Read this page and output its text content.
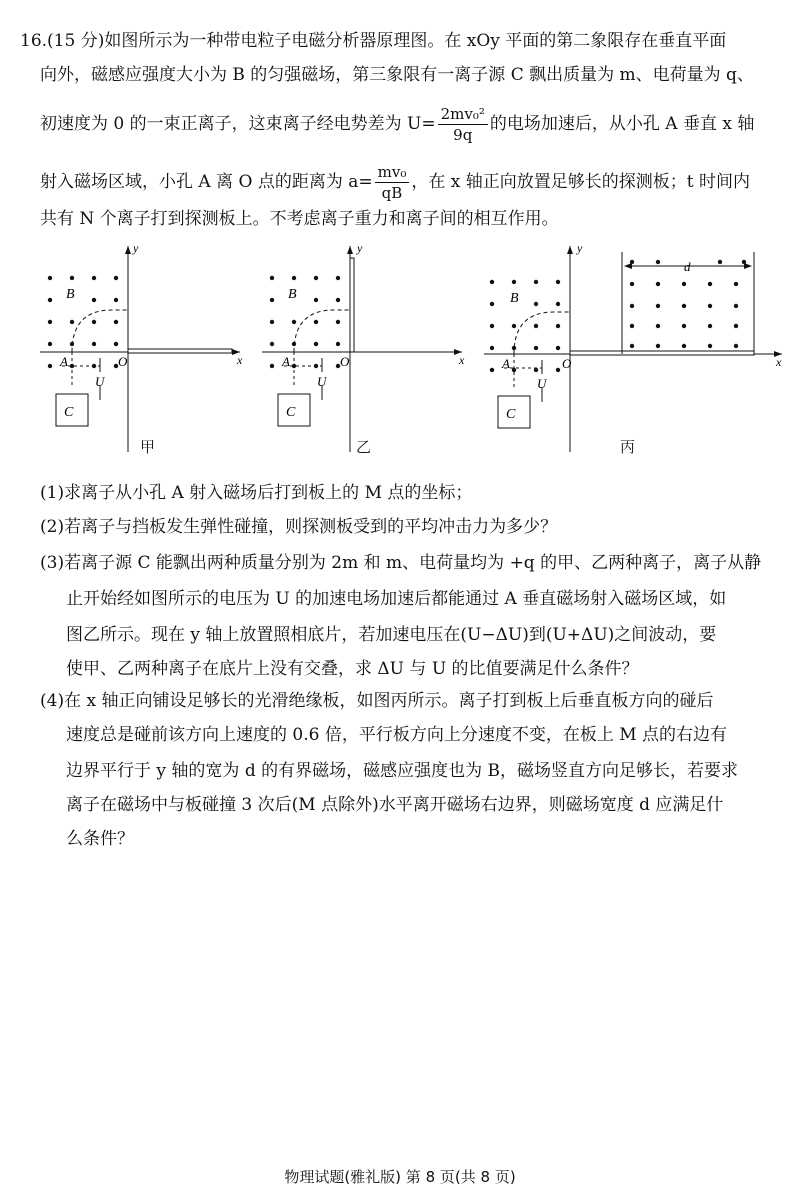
16.(15 分)如图所示为一种带电粒子电磁分析器原理图。在 xOy 平面的第二象限存在垂直平面
向外，磁感应强度大小为 B 的匀强磁场，第三象限有一离子源 C 飘出质量为 m、电荷量为 q、
初速度为 0 的一束正离子，这束离子经电势差为 $U= \frac{\text{2mv₀²}}{9q}$ 的电场加速后，从小孔 A 垂直 x 轴
射入磁场区域，小孔 A 离 O 点的距离为 $a= \frac{\text{mv₀}}{qB}$ ，在 x 轴正向放置足够长的探测板；t 时间内
共有 N 个离子打到探测板上。不考虑离子重力和离子间的相互作用。
C
B
A	O
U
x
y
C
B
A	O
U
x
y
d
C
B
A	O
U
x
y
甲	乙	丙
(1)求离子从小孔 A 射入磁场后打到板上的 M 点的坐标；
(2)若离子与挡板发生弹性碰撞，则探测板受到的平均冲击力为多少？
(3)若离子源 C 能飘出两种质量分别为 2m 和 m、电荷量均为 +q 的甲、乙两种离子，离子从静
止开始经如图所示的电压为 U 的加速电场加速后都能通过 A 垂直磁场射入磁场区域，如
图乙所示。现在 y 轴上放置照相底片，若加速电压在(U−ΔU)到(U+ΔU)之间波动，要
使甲、乙两种离子在底片上没有交叠，求 ΔU 与 U 的比值要满足什么条件？
(4)在 x 轴正向铺设足够长的光滑绝缘板，如图丙所示。离子打到板上后垂直板方向的碰后
速度总是碰前该方向上速度的 0.6 倍，平行板方向上分速度不变，在板上 M 点的右边有
边界平行于 y 轴的宽为 d 的有界磁场，磁感应强度也为 B，磁场竖直方向足够长，若要求
离子在磁场中与板碰撞 3 次后(M 点除外)水平离开磁场右边界，则磁场宽度 d 应满足什
么条件？
物理试题(雅礼版) 第 8 页(共 8 页)
